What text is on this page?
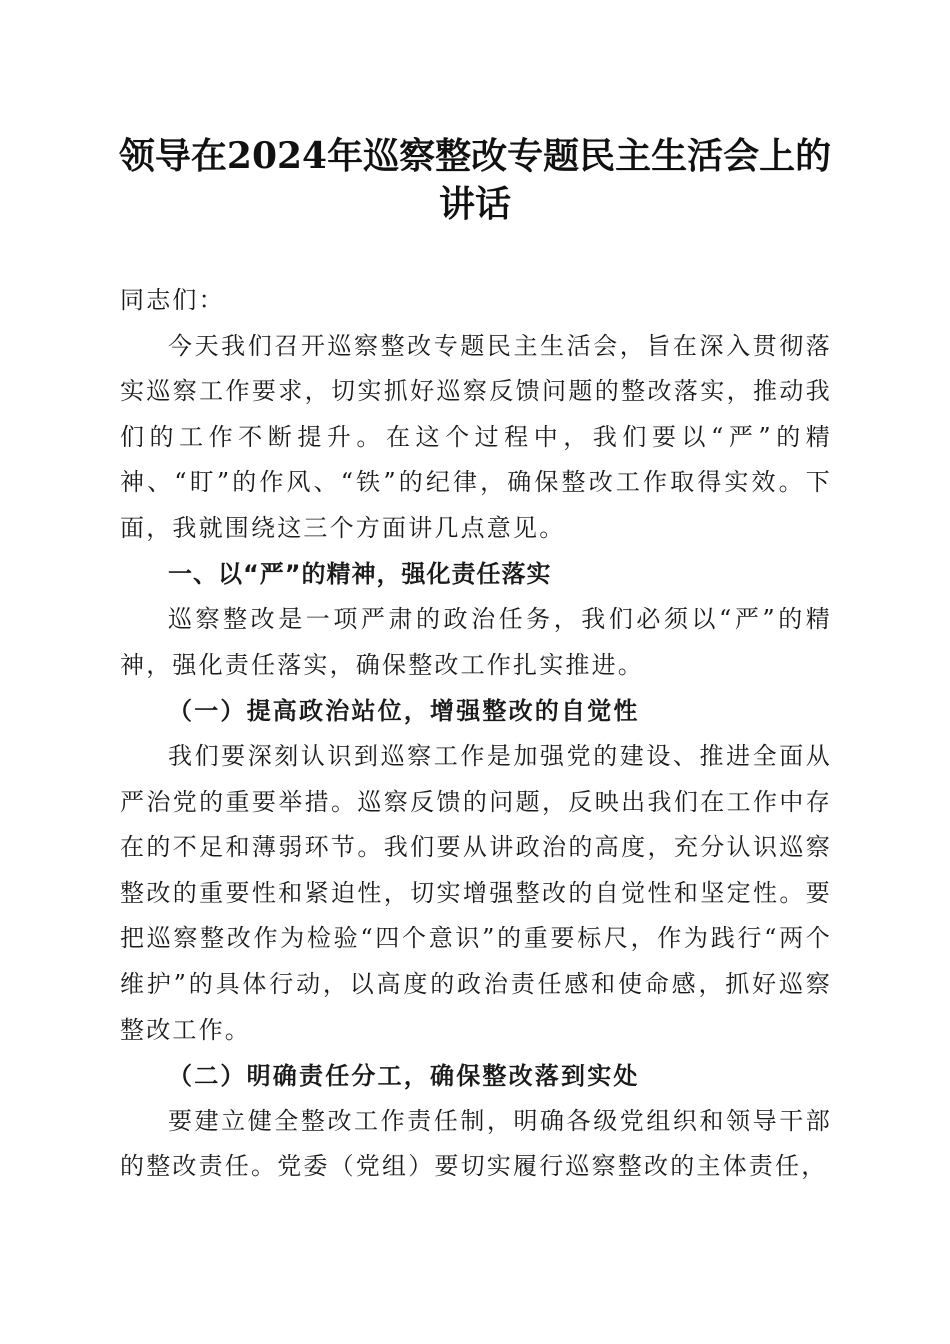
领导在2024年巡察整改专题民主生活会上的
讲话

同志们：

今天我们召开巡察整改专题民主生活会，旨在深入贯彻落实巡察工作要求，切实抓好巡察反馈问题的整改落实，推动我们的工作不断提升。在这个过程中，我们要以“严”的精神、“盯”的作风、“铁”的纪律，确保整改工作取得实效。下面，我就围绕这三个方面讲几点意见。

一、以“严”的精神，强化责任落实

巡察整改是一项严肃的政治任务，我们必须以“严”的精神，强化责任落实，确保整改工作扎实推进。

（一）提高政治站位，增强整改的自觉性

我们要深刻认识到巡察工作是加强党的建设、推进全面从严治党的重要举措。巡察反馈的问题，反映出我们在工作中存在的不足和薄弱环节。我们要从讲政治的高度，充分认识巡察整改的重要性和紧迫性，切实增强整改的自觉性和坚定性。要把巡察整改作为检验“四个意识”的重要标尺，作为践行“两个维护”的具体行动，以高度的政治责任感和使命感，抓好巡察整改工作。

（二）明确责任分工，确保整改落到实处

要建立健全整改工作责任制，明确各级党组织和领导干部的整改责任。党委（党组）要切实履行巡察整改的主体责任，
